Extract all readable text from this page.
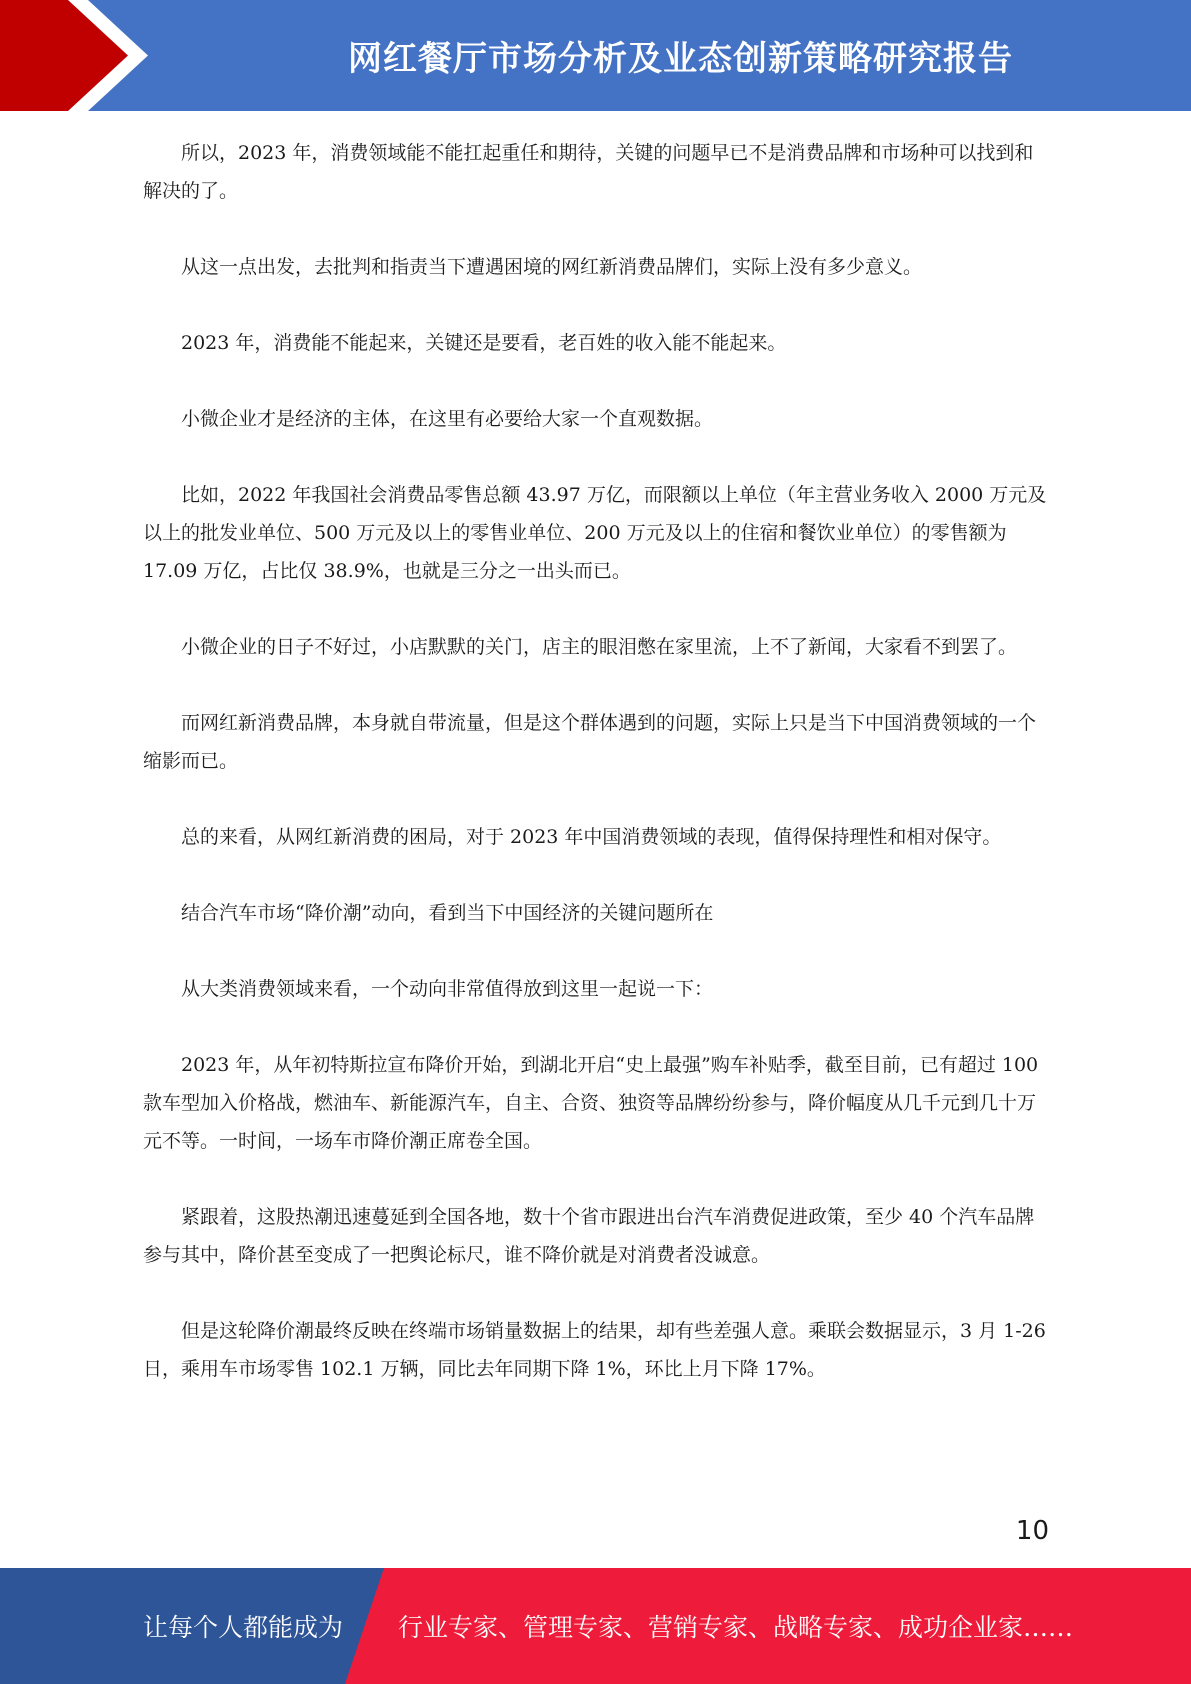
网红餐厅市场分析及业态创新策略研究报告

所以，2023 年，消费领域能不能扛起重任和期待，关键的问题早已不是消费品牌和市场种可以找到和解决的了。

从这一点出发，去批判和指责当下遭遇困境的网红新消费品牌们，实际上没有多少意义。

2023 年，消费能不能起来，关键还是要看，老百姓的收入能不能起来。

小微企业才是经济的主体，在这里有必要给大家一个直观数据。

比如，2022 年我国社会消费品零售总额 43.97 万亿，而限额以上单位（年主营业务收入 2000 万元及以上的批发业单位、500 万元及以上的零售业单位、200 万元及以上的住宿和餐饮业单位）的零售额为 17.09 万亿，占比仅 38.9%，也就是三分之一出头而已。

小微企业的日子不好过，小店默默的关门，店主的眼泪憋在家里流，上不了新闻，大家看不到罢了。

而网红新消费品牌，本身就自带流量，但是这个群体遇到的问题，实际上只是当下中国消费领域的一个缩影而已。

总的来看，从网红新消费的困局，对于 2023 年中国消费领域的表现，值得保持理性和相对保守。

结合汽车市场“降价潮”动向，看到当下中国经济的关键问题所在

从大类消费领域来看，一个动向非常值得放到这里一起说一下：

2023 年，从年初特斯拉宣布降价开始，到湖北开启“史上最强”购车补贴季，截至目前，已有超过 100 款车型加入价格战，燃油车、新能源汽车，自主、合资、独资等品牌纷纷参与，降价幅度从几千元到几十万元不等。一时间，一场车市降价潮正席卷全国。

紧跟着，这股热潮迅速蔓延到全国各地，数十个省市跟进出台汽车消费促进政策，至少 40 个汽车品牌参与其中，降价甚至变成了一把舆论标尺，谁不降价就是对消费者没诚意。

但是这轮降价潮最终反映在终端市场销量数据上的结果，却有些差强人意。乘联会数据显示，3 月 1-26 日，乘用车市场零售 102.1 万辆，同比去年同期下降 1%，环比上月下降 17%。

10
让每个人都能成为 行业专家、管理专家、营销专家、战略专家、成功企业家……
